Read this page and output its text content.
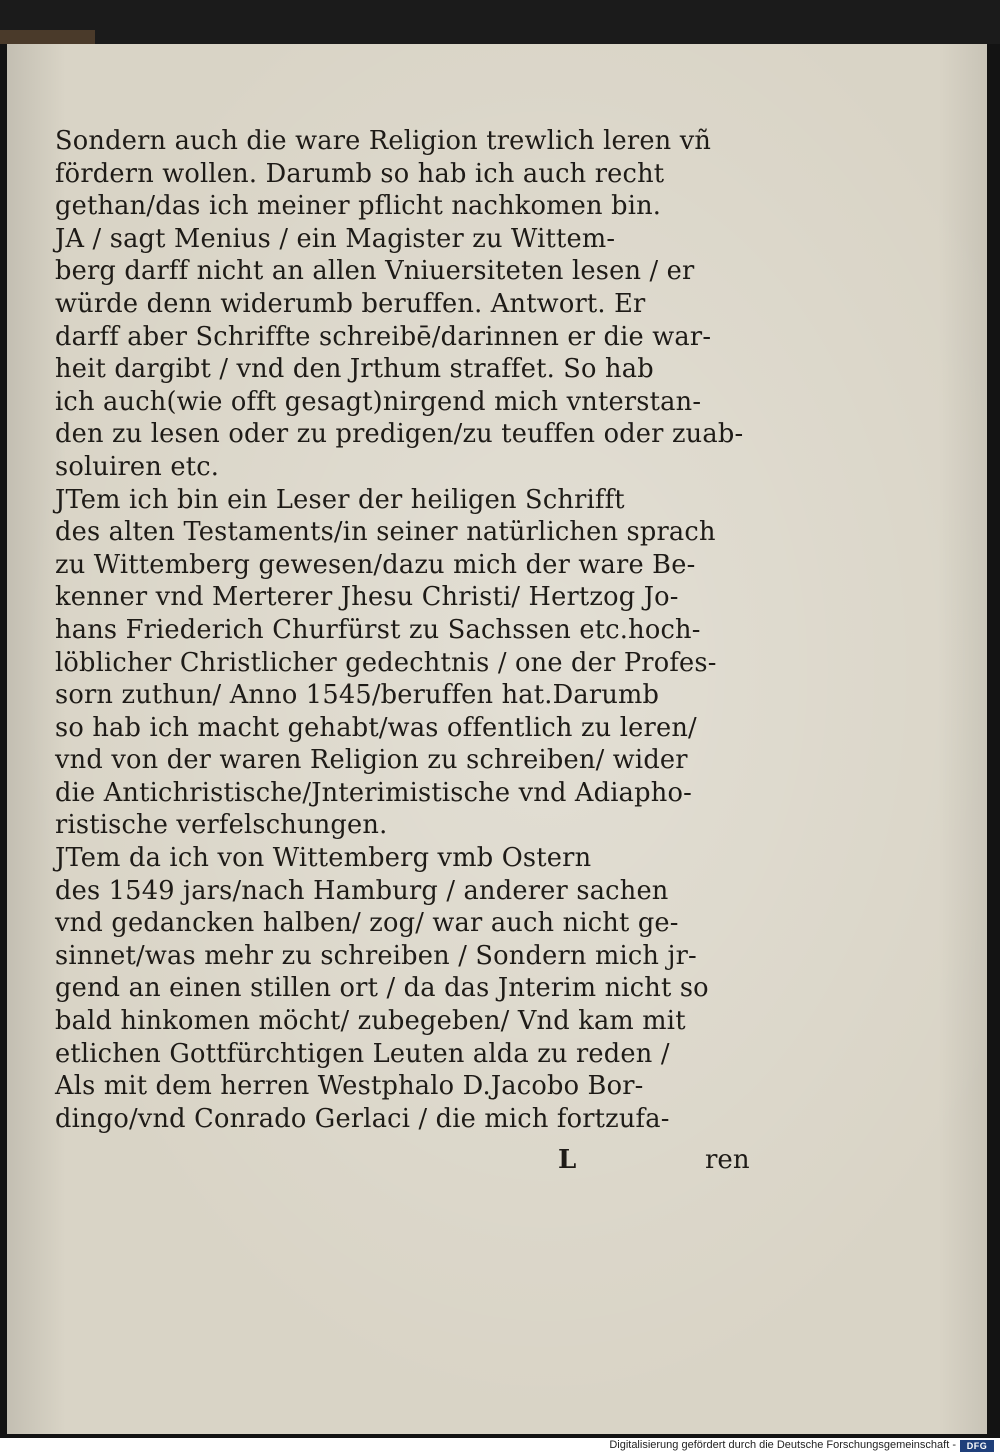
Sondern auch die ware Religion trewlich leren vñ
fördern wollen. Darumb so hab ich auch recht
gethan/das ich meiner pflicht nachkomen bin.
JA / sagt Menius / ein Magister zu Wittem-
berg darff nicht an allen Vniuersiteten lesen / er
würde denn widerumb beruffen. Antwort. Er
darff aber Schriffte schreibē/darinnen er die war-
heit dargibt / vnd den Jrthum straffet. So hab
ich auch(wie offt gesagt)nirgend mich vnterstan-
den zu lesen oder zu predigen/zu teuffen oder zuab-
soluiren etc.
JTem ich bin ein Leser der heiligen Schrifft
des alten Testaments/in seiner natürlichen sprach
zu Wittemberg gewesen/dazu mich der ware Be-
kenner vnd Merterer Jhesu Christi/ Hertzog Jo-
hans Friederich Churfürst zu Sachssen etc.hoch-
löblicher Christlicher gedechtnis / one der Profes-
sorn zuthun/ Anno 1545/beruffen hat.Darumb
so hab ich macht gehabt/was offentlich zu leren/
vnd von der waren Religion zu schreiben/ wider
die Antichristische/Jnterimistische vnd Adiapho-
ristische verfelschungen.
JTem da ich von Wittemberg vmb Ostern
des 1549 jars/nach Hamburg / anderer sachen
vnd gedancken halben/ zog/ war auch nicht ge-
sinnet/was mehr zu schreiben / Sondern mich jr-
gend an einen stillen ort / da das Jnterim nicht so
bald hinkomen möcht/ zubegeben/ Vnd kam mit
etlichen Gottfürchtigen Leuten alda zu reden /
Als mit dem herren Westphalo D.Jacobo Bor-
dingo/vnd Conrado Gerlaci / die mich fortzufa-
L	ren
Digitalisierung gefördert durch die Deutsche Forschungsgemeinschaft -	DFG
